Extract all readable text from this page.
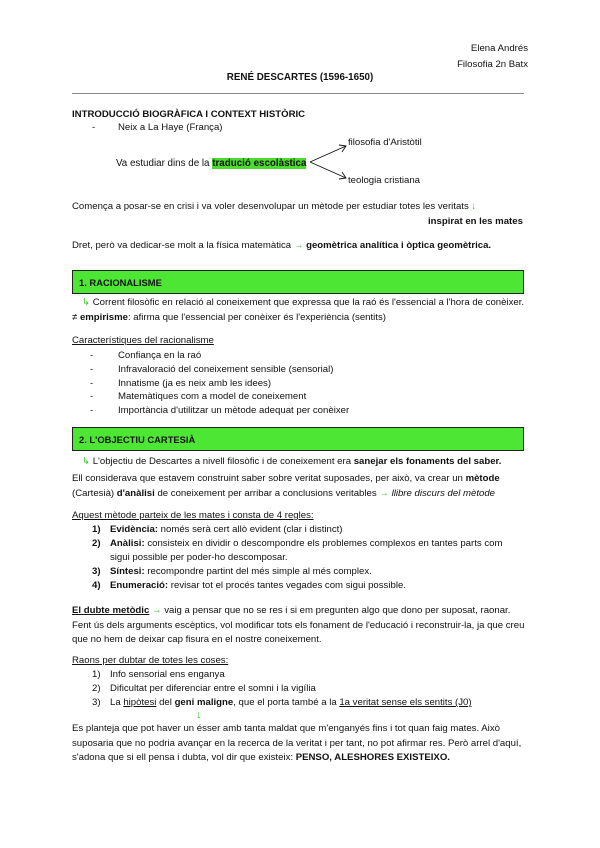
Elena Andrés
Filosofia 2n Batx
RENÉ DESCARTES (1596-1650)
INTRODUCCIÓ BIOGRÀFICA I CONTEXT HISTÒRIC
- Neix a La Haye (França)
Va estudiar dins de la tradució escolàstica
filosofia d'Aristòtil
teologia cristiana
Comença a posar-se en crisi i va voler desenvolupar un mètode per estudiar totes les veritats ↓
inspirat en les mates
Dret, però va dedicar-se molt a la física matemàtica → geomètrica analítica i òptica geomètrica.
1. RACIONALISME
↳ Corrent filosòfic en relació al coneixement que expressa que la raó és l'essencial a l'hora de conèixer. ≠ empirisme: afirma que l'essencial per conèixer és l'experiència (sentits)
Característiques del racionalisme
-	Confiança en la raó
-	Infravaloració del coneixement sensible (sensorial)
-	Innatisme (ja es neix amb les idees)
-	Matemàtiques com a model de coneixement
-	Importància d'utilitzar un mètode adequat per conèixer
2. L'OBJECTIU CARTESIÀ
↳ L'objectiu de Descartes a nivell filosòfic i de coneixement era sanejar els fonaments del saber.
Ell considerava que estavem construint saber sobre veritat suposades, per això, va crear un mètode (Cartesià) d'anàlisi de coneixement per arribar a conclusions veritables → llibre discurs del mètode
Aquest mètode parteix de les mates i consta de 4 regles:
1) Evidència: només serà cert allò evident (clar i distinct)
2) Anàlisi: consisteix en dividir o descompondre els problemes complexos en tantes parts com
sigui possible per poder-ho descomposar.
3) Síntesi: recompondre partint del més simple al més complex.
4) Enumeració: revisar tot el procés tantes vegades com sigui possible.
El dubte metòdic → vaig a pensar que no se res i si em pregunten algo que dono per suposat, raonar. Fent ús dels arguments escèptics, vol modificar tots els fonament de l'educació i reconstruir-la, ja que creu que no hem de deixar cap fisura en el nostre coneixement.
Raons per dubtar de totes les coses:
1) Info sensorial ens enganya
2) Dificultat per diferenciar entre el somni i la vigília
3) La hipòtesi del geni maligne, que el porta també a la 1a veritat sense els sentits (J0)
↓
Es planteja que pot haver un ésser amb tanta maldat que m'enganyés fins i tot quan faig mates. Això suposaria que no podria avançar en la recerca de la veritat i per tant, no pot afirmar res. Però arrel d'aquí, s'adona que si ell pensa i dubta, vol dir que existeix: PENSO, ALESHORES EXISTEIXO.
